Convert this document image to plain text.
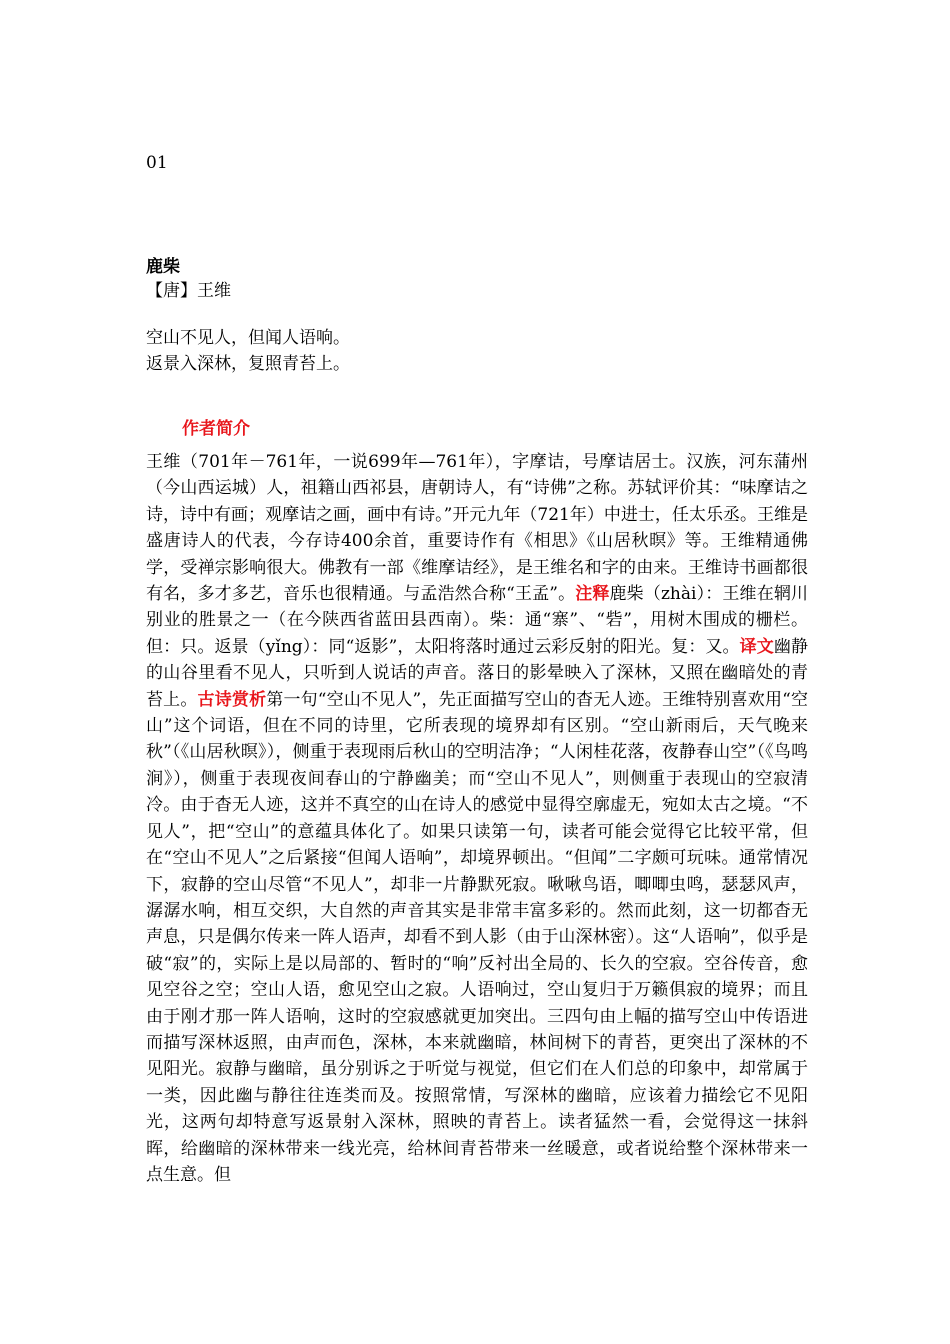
01
鹿柴
【唐】王维
空山不见人，但闻人语响。
返景入深林，复照青苔上。
作者简介
王维（701年－761年，一说699年—761年），字摩诘，号摩诘居士。汉族，河东蒲州（今山西运城）人，祖籍山西祁县，唐朝诗人，有“诗佛”之称。苏轼评价其：“味摩诘之诗，诗中有画；观摩诘之画，画中有诗。”开元九年（721年）中进士，任太乐丞。王维是盛唐诗人的代表，今存诗400余首，重要诗作有《相思》《山居秋暝》等。王维精通佛学，受禅宗影响很大。佛教有一部《维摩诘经》，是王维名和字的由来。王维诗书画都很有名，多才多艺，音乐也很精通。与孟浩然合称“王孟”。注释鹿柴（zhài）：王维在辋川别业的胜景之一（在今陕西省蓝田县西南）。柴：通“寨”、“砦”，用树木围成的栅栏。但：只。返景（yǐng）：同“返影”，太阳将落时通过云彩反射的阳光。复：又。译文幽静的山谷里看不见人，只听到人说话的声音。落日的影晕映入了深林，又照在幽暗处的青苔上。古诗赏析第一句“空山不见人”，先正面描写空山的杳无人迹。王维特别喜欢用“空山”这个词语，但在不同的诗里，它所表现的境界却有区别。“空山新雨后，天气晚来秋”（《山居秋暝》），侧重于表现雨后秋山的空明洁净；“人闲桂花落，夜静春山空”（《鸟鸣涧》），侧重于表现夜间春山的宁静幽美；而“空山不见人”，则侧重于表现山的空寂清冷。由于杳无人迹，这并不真空的山在诗人的感觉中显得空廓虚无，宛如太古之境。“不见人”，把“空山”的意蕴具体化了。如果只读第一句，读者可能会觉得它比较平常，但在“空山不见人”之后紧接“但闻人语响”，却境界顿出。“但闻”二字颇可玩味。通常情况下，寂静的空山尽管“不见人”，却非一片静默死寂。啾啾鸟语，唧唧虫鸣，瑟瑟风声，潺潺水响，相互交织，大自然的声音其实是非常丰富多彩的。然而此刻，这一切都杳无声息，只是偶尔传来一阵人语声，却看不到人影（由于山深林密）。这“人语响”，似乎是破“寂”的，实际上是以局部的、暂时的“响”反衬出全局的、长久的空寂。空谷传音，愈见空谷之空；空山人语，愈见空山之寂。人语响过，空山复归于万籁俱寂的境界；而且由于刚才那一阵人语响，这时的空寂感就更加突出。三四句由上幅的描写空山中传语进而描写深林返照，由声而色，深林，本来就幽暗，林间树下的青苔，更突出了深林的不见阳光。寂静与幽暗，虽分别诉之于听觉与视觉，但它们在人们总的印象中，却常属于一类，因此幽与静往往连类而及。按照常情，写深林的幽暗，应该着力描绘它不见阳光，这两句却特意写返景射入深林，照映的青苔上。读者猛然一看，会觉得这一抹斜晖，给幽暗的深林带来一线光亮，给林间青苔带来一丝暖意，或者说给整个深林带来一点生意。但
